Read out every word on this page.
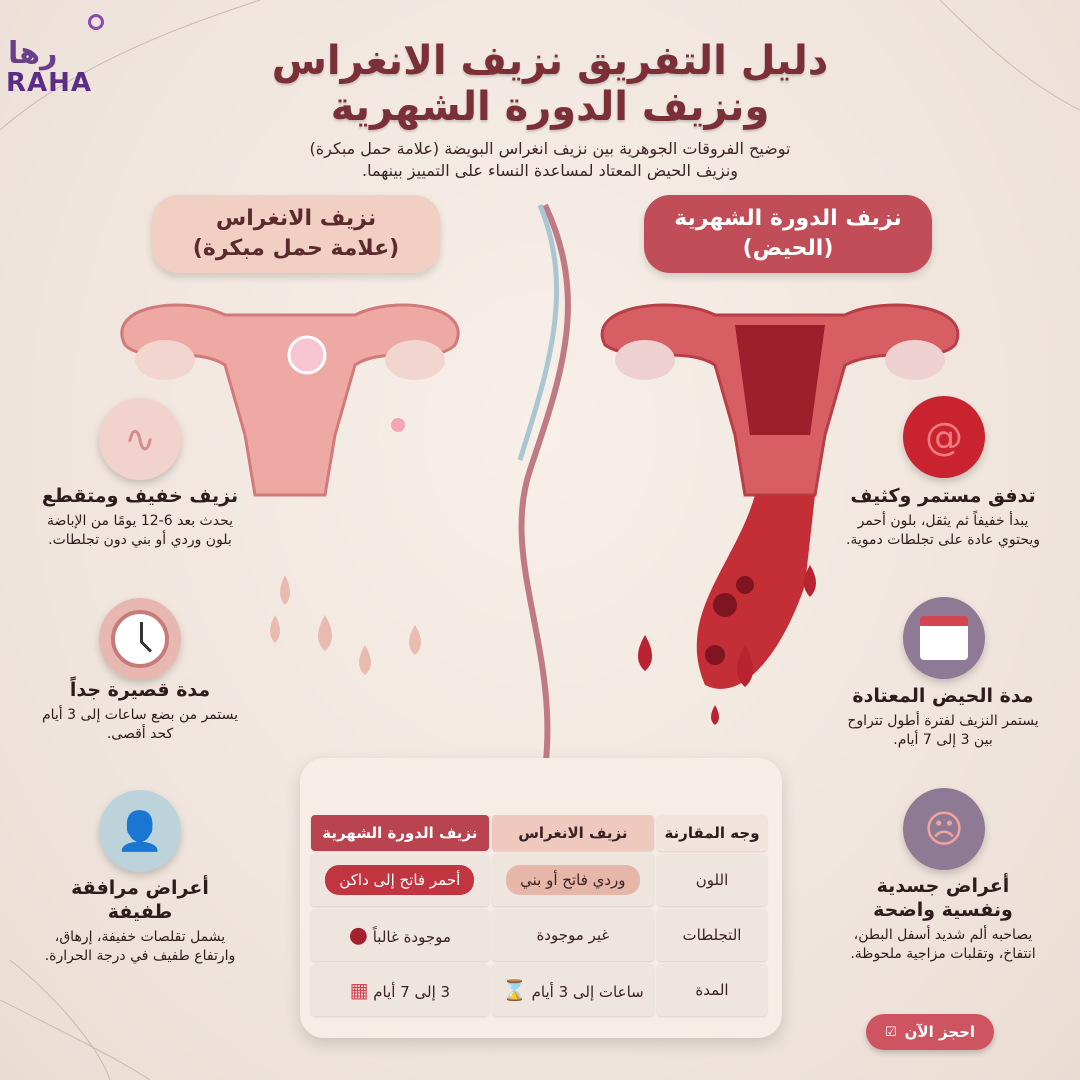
رها
RAHA	دليل التفريق نزيف الانغراس
ونزيف الدورة الشهرية
توضيح الفروقات الجوهرية بين نزيف انغراس البويضة (علامة حمل مبكرة)
ونزيف الحيض المعتاد لمساعدة النساء على التمييز بينهما.
نزيف الانغراس
(علامة حمل مبكرة)
نزيف الدورة الشهرية
(الحيض)
∿
نزيف خفيف ومتقطع

يحدث بعد 6-12 يومًا من الإباضة بلون وردي أو بني دون تجلطات.

مدة قصيرة جداً

يستمر من بضع ساعات إلى 3 أيام كحد أقصى.

👤
أعراض مرافقة طفيفة

يشمل تقلصات خفيفة، إرهاق، وارتفاع طفيف في درجة الحرارة.

@
تدفق مستمر وكثيف

يبدأ خفيفاً ثم يثقل، بلون أحمر ويحتوي عادة على تجلطات دموية.

مدة الحيض المعتادة

يستمر النزيف لفترة أطول تتراوح بين 3 إلى 7 أيام.

☹
أعراض جسدية ونفسية واضحة

يصاحبه ألم شديد أسفل البطن، انتفاخ، وتقلبات مزاجية ملحوظة.

وجه المقارنة	نزيف الانغراس	نزيف الدورة الشهرية
اللون	وردي فاتح أو بني	أحمر فاتح إلى داكن
التجلطات	غير موجودة	موجودة غالباً ●
المدة	ساعات إلى 3 أيام ⌛	3 إلى 7 أيام ▦
احجز الآن
☑
